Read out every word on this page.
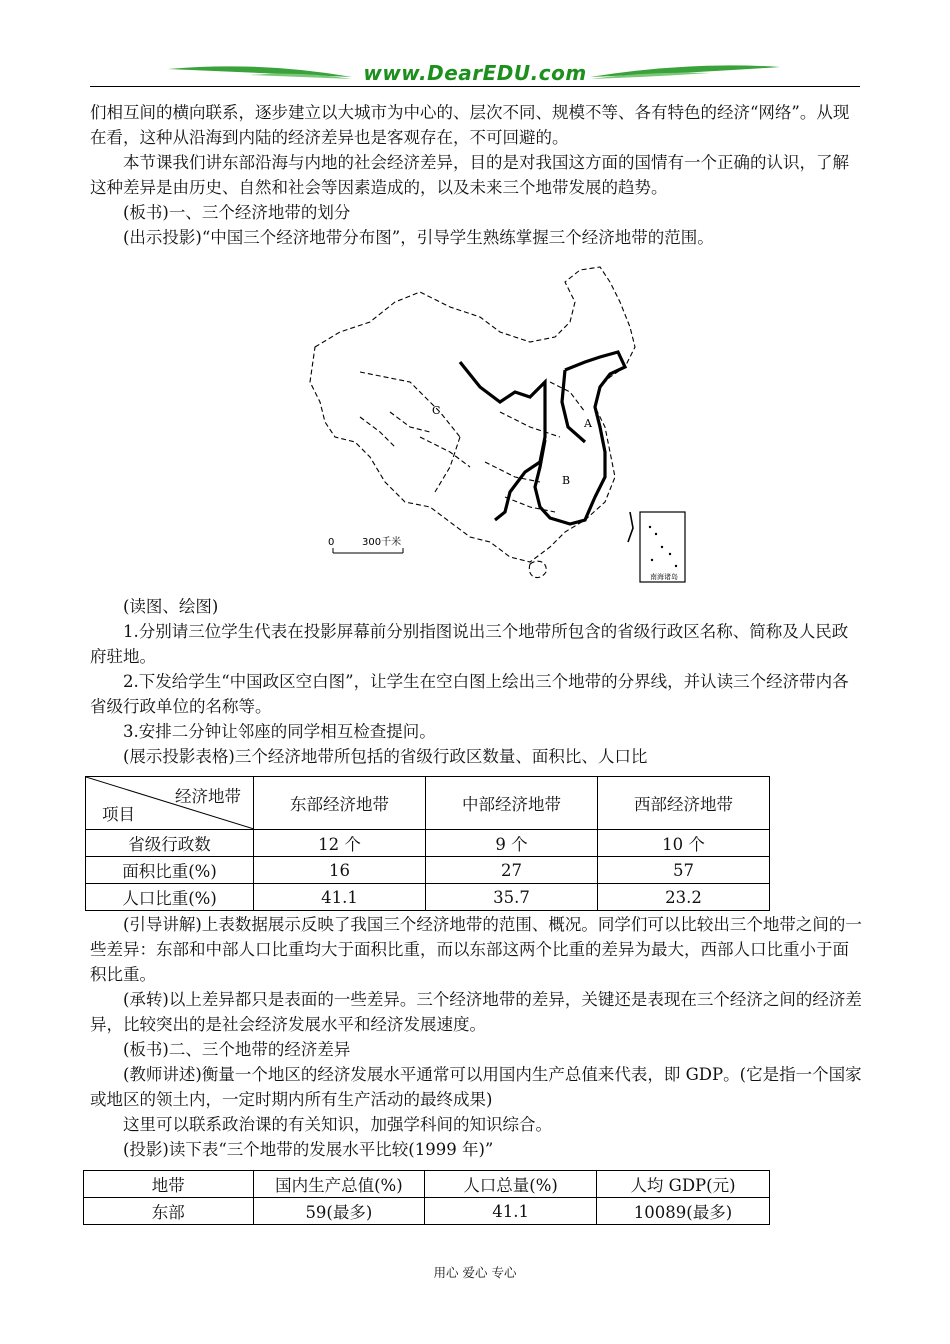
www.DearEDU.com

们相互间的横向联系，逐步建立以大城市为中心的、层次不同、规模不等、各有特色的经济“网络”。从现在看，这种从沿海到内陆的经济差异也是客观存在，不可回避的。

本节课我们讲东部沿海与内地的社会经济差异，目的是对我国这方面的国情有一个正确的认识，了解这种差异是由历史、自然和社会等因素造成的，以及未来三个地带发展的趋势。

(板书)一、三个经济地带的划分

(出示投影)“中国三个经济地带分布图”，引导学生熟练掌握三个经济地带的范围。

南海诸岛
C
A
B
0	300千米

(读图、绘图)

1.分别请三位学生代表在投影屏幕前分别指图说出三个地带所包含的省级行政区名称、简称及人民政府驻地。

2.下发给学生“中国政区空白图”，让学生在空白图上绘出三个地带的分界线，并认读三个经济带内各省级行政单位的名称等。

3.安排二分钟让邻座的同学相互检查提问。

(展示投影表格)三个经济地带所包括的省级行政区数量、面积比、人口比

经济地带
项目	东部经济地带	中部经济地带	西部经济地带
省级行政数	12 个	9 个	10 个
面积比重(%)	16	27	57
人口比重(%)	41.1	35.7	23.2

(引导讲解)上表数据展示反映了我国三个经济地带的范围、概况。同学们可以比较出三个地带之间的一些差异：东部和中部人口比重均大于面积比重，而以东部这两个比重的差异为最大，西部人口比重小于面积比重。

(承转)以上差异都只是表面的一些差异。三个经济地带的差异，关键还是表现在三个经济之间的经济差异，比较突出的是社会经济发展水平和经济发展速度。

(板书)二、三个地带的经济差异

(教师讲述)衡量一个地区的经济发展水平通常可以用国内生产总值来代表，即 GDP。(它是指一个国家或地区的领土内，一定时期内所有生产活动的最终成果)

这里可以联系政治课的有关知识，加强学科间的知识综合。

(投影)读下表“三个地带的发展水平比较(1999 年)”

地带	国内生产总值(%)	人口总量(%)	人均 GDP(元)
东部	59(最多)	41.1	10089(最多)
用心 爱心 专心
